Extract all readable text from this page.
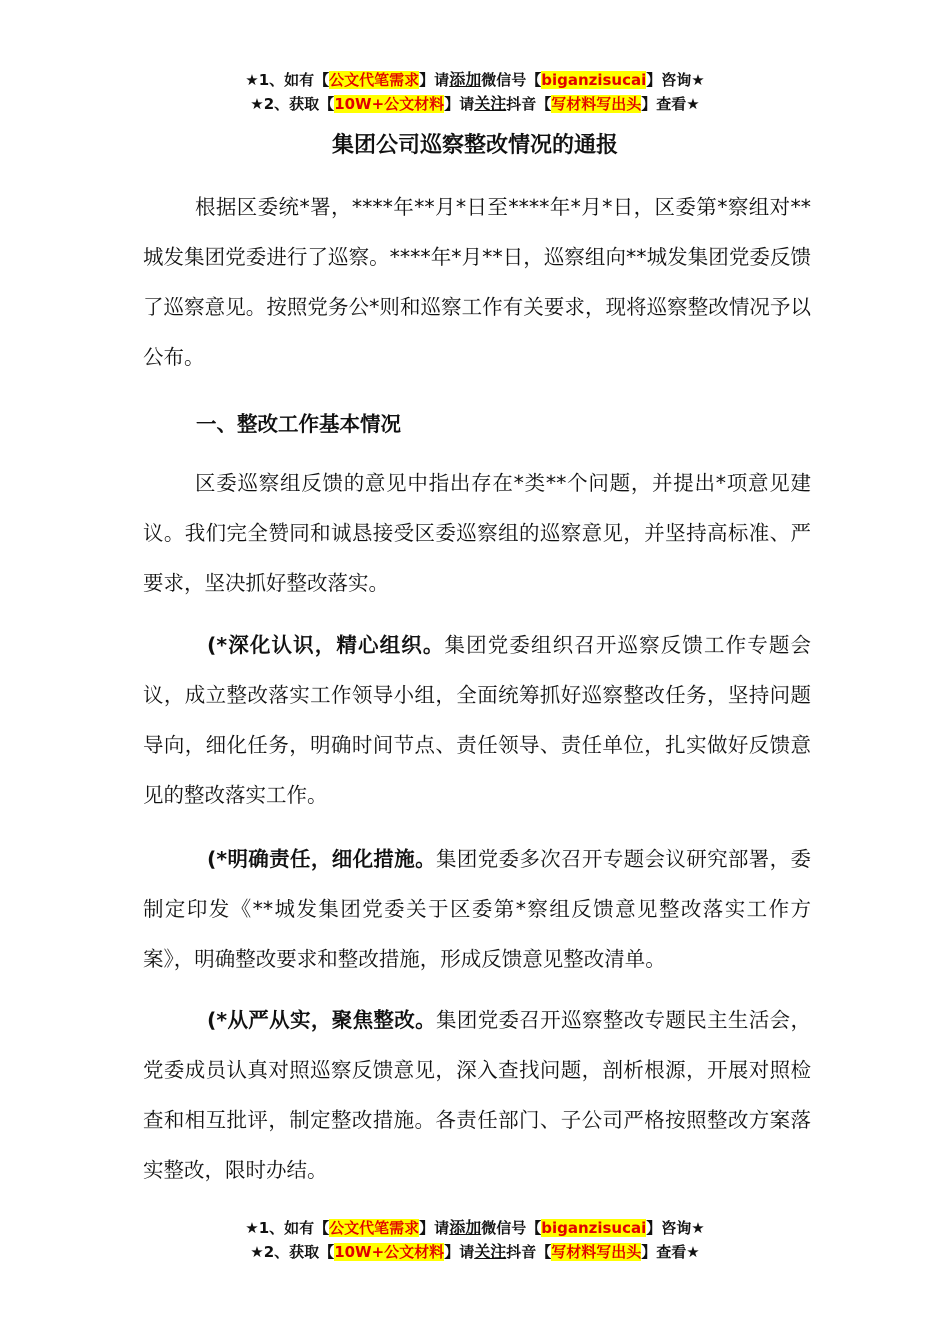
★1、如有【公文代笔需求】请添加微信号【biganzisucai】咨询★
★2、获取【10W+公文材料】请关注抖音【写材料写出头】查看★
集团公司巡察整改情况的通报
根据区委统*署，****年**月*日至****年*月*日，区委第*察组对**城发集团党委进行了巡察。****年*月**日，巡察组向**城发集团党委反馈了巡察意见。按照党务公*则和巡察工作有关要求，现将巡察整改情况予以公布。
一、整改工作基本情况
区委巡察组反馈的意见中指出存在*类**个问题，并提出*项意见建议。我们完全赞同和诚恳接受区委巡察组的巡察意见，并坚持高标准、严要求，坚决抓好整改落实。
(*深化认识，精心组织。集团党委组织召开巡察反馈工作专题会议，成立整改落实工作领导小组，全面统筹抓好巡察整改任务，坚持问题导向，细化任务，明确时间节点、责任领导、责任单位，扎实做好反馈意见的整改落实工作。
(*明确责任，细化措施。集团党委多次召开专题会议研究部署，委制定印发《**城发集团党委关于区委第*察组反馈意见整改落实工作方案》，明确整改要求和整改措施，形成反馈意见整改清单。
(*从严从实，聚焦整改。集团党委召开巡察整改专题民主生活会，党委成员认真对照巡察反馈意见，深入查找问题，剖析根源，开展对照检查和相互批评，制定整改措施。各责任部门、子公司严格按照整改方案落实整改，限时办结。
★1、如有【公文代笔需求】请添加微信号【biganzisucai】咨询★
★2、获取【10W+公文材料】请关注抖音【写材料写出头】查看★
